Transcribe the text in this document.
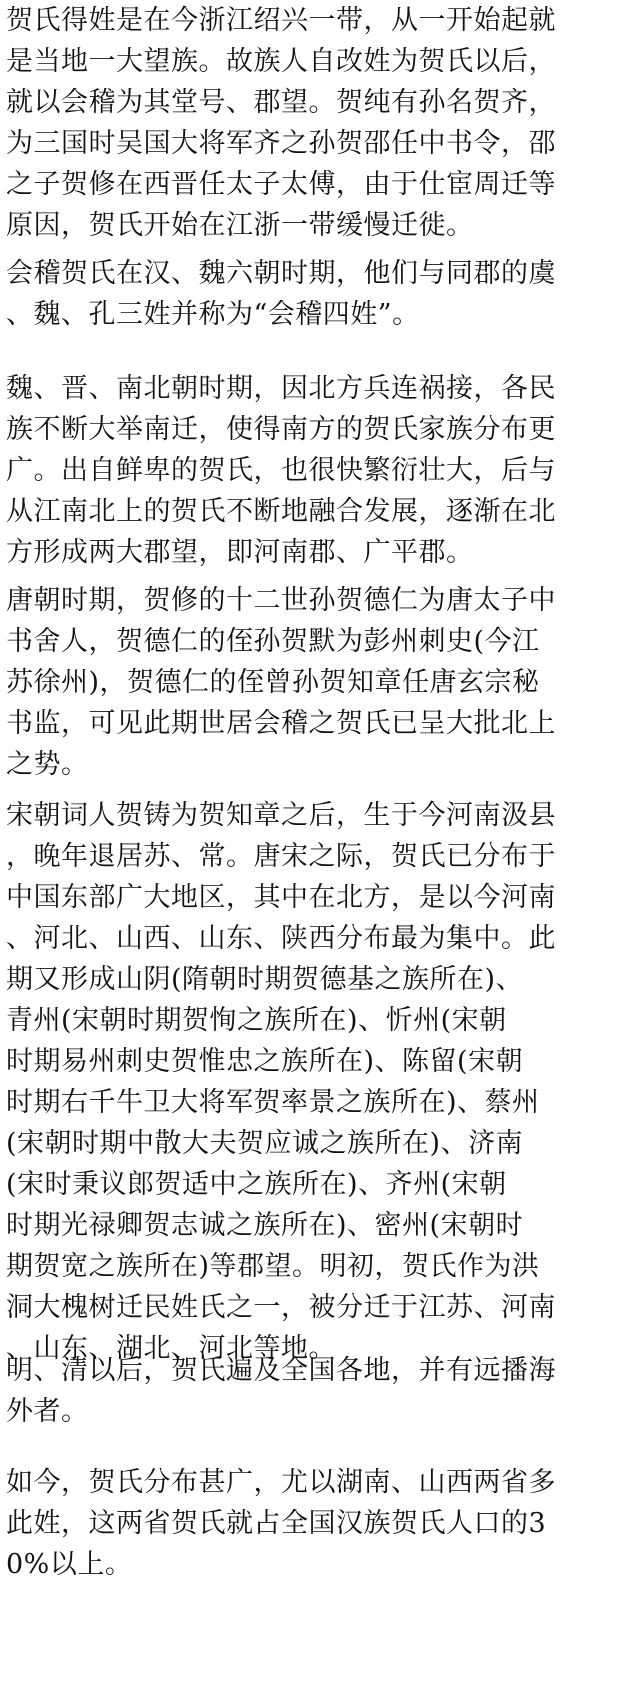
贺氏得姓是在今浙江绍兴一带，从一开始起就
是当地一大望族。故族人自改姓为贺氏以后，
就以会稽为其堂号、郡望。贺纯有孙名贺齐，
为三国时吴国大将军齐之孙贺邵任中书令，邵
之子贺修在西晋任太子太傅，由于仕宦周迁等
原因，贺氏开始在江浙一带缓慢迁徙。
会稽贺氏在汉、魏六朝时期，他们与同郡的虞
、魏、孔三姓并称为“会稽四姓”。
魏、晋、南北朝时期，因北方兵连祸接，各民
族不断大举南迁，使得南方的贺氏家族分布更
广。出自鲜卑的贺氏，也很快繁衍壮大，后与
从江南北上的贺氏不断地融合发展，逐渐在北
方形成两大郡望，即河南郡、广平郡。
唐朝时期，贺修的十二世孙贺德仁为唐太子中
书舍人，贺德仁的侄孙贺默为彭州刺史(今江
苏徐州)，贺德仁的侄曾孙贺知章任唐玄宗秘
书监，可见此期世居会稽之贺氏已呈大批北上
之势。
宋朝词人贺铸为贺知章之后，生于今河南汲县
，晚年退居苏、常。唐宋之际，贺氏已分布于
中国东部广大地区，其中在北方，是以今河南
、河北、山西、山东、陕西分布最为集中。此
期又形成山阴(隋朝时期贺德基之族所在)、
青州(宋朝时期贺恂之族所在)、忻州(宋朝
时期易州刺史贺惟忠之族所在)、陈留(宋朝
时期右千牛卫大将军贺率景之族所在)、蔡州
(宋朝时期中散大夫贺应诚之族所在)、济南
(宋时秉议郎贺适中之族所在)、齐州(宋朝
时期光禄卿贺志诚之族所在)、密州(宋朝时
期贺宽之族所在)等郡望。明初，贺氏作为洪
洞大槐树迁民姓氏之一，被分迁于江苏、河南
、山东、湖北、河北等地。
明、清以后，贺氏遍及全国各地，并有远播海
外者。
如今，贺氏分布甚广，尤以湖南、山西两省多
此姓，这两省贺氏就占全国汉族贺氏人口的3
0%以上。
